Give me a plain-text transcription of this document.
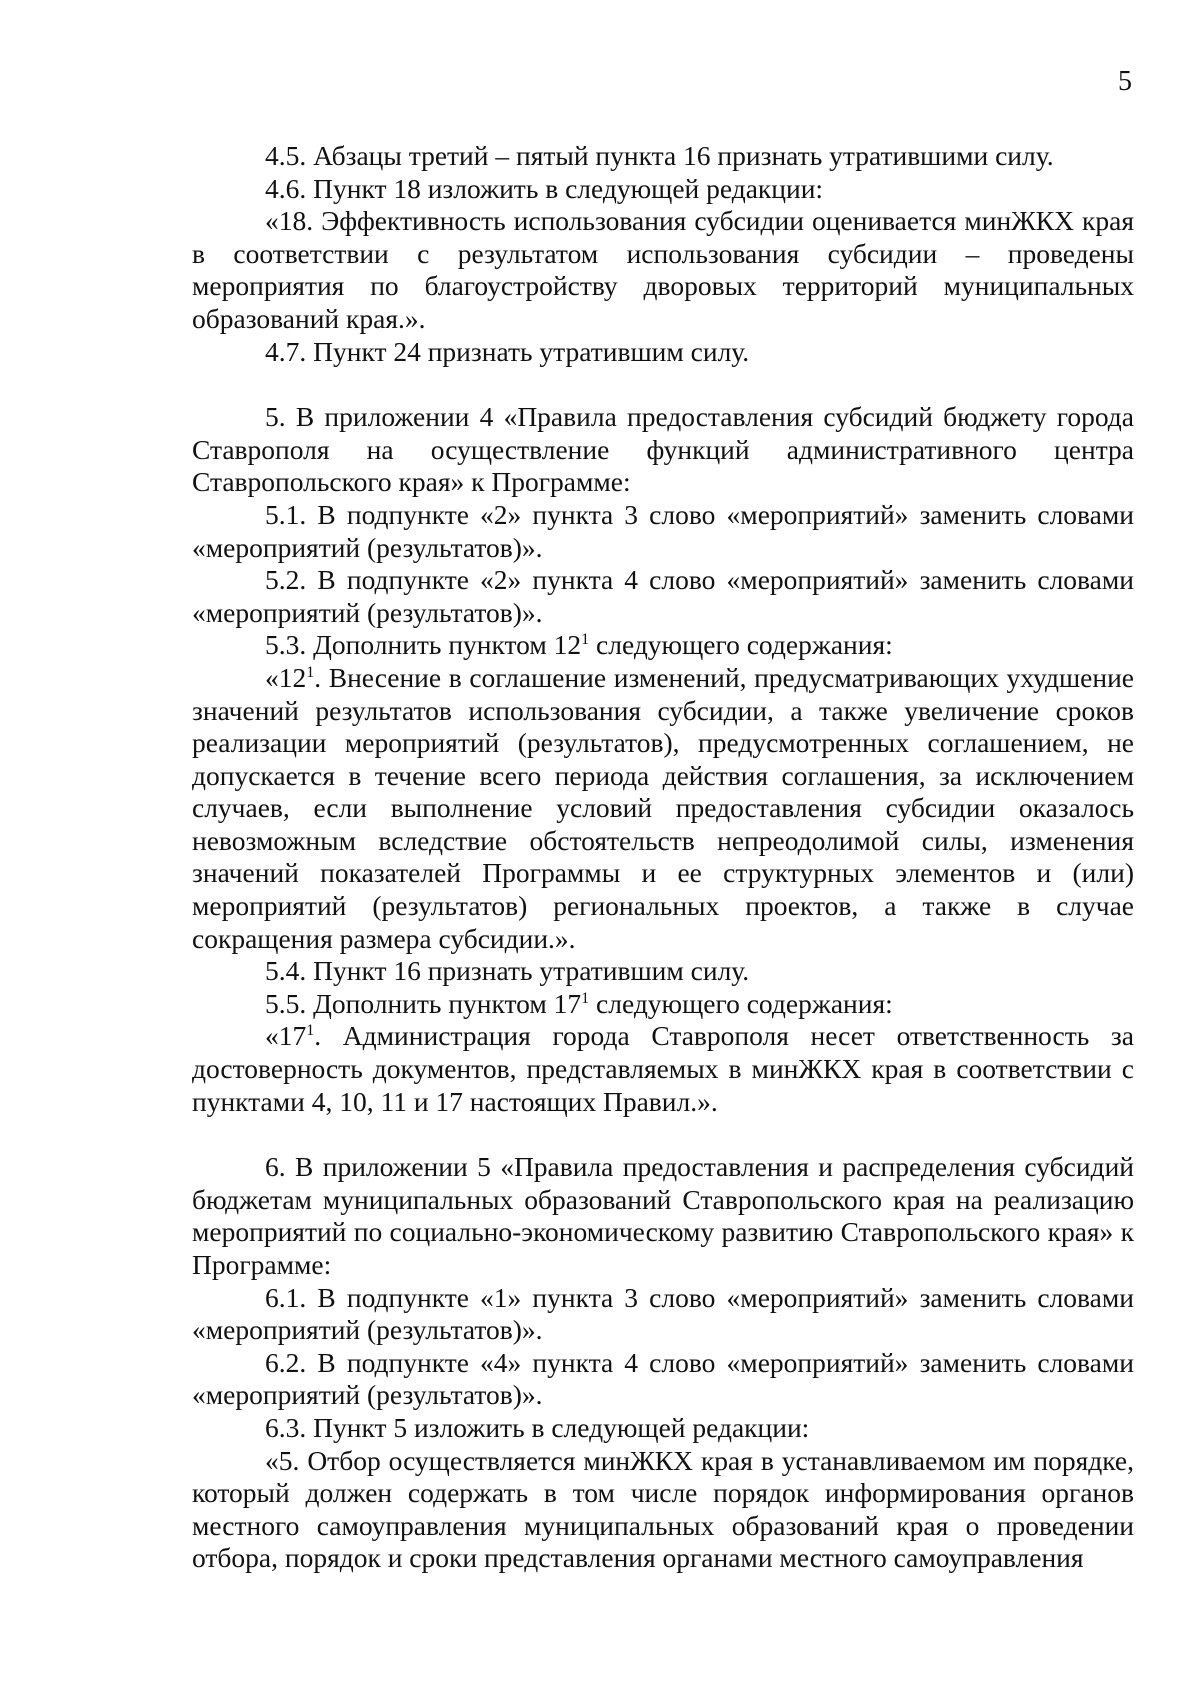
5

4.5. Абзацы третий – пятый пункта 16 признать утратившими силу.

4.6. Пункт 18 изложить в следующей редакции:

«18. Эффективность использования субсидии оценивается минЖКХ края в соответствии с результатом использования субсидии – проведены мероприятия по благоустройству дворовых территорий муниципальных образований края.».

4.7. Пункт 24 признать утратившим силу.

5. В приложении 4 «Правила предоставления субсидий бюджету города Ставрополя на осуществление функций административного центра Ставропольского края» к Программе:

5.1. В подпункте «2» пункта 3 слово «мероприятий» заменить словами «мероприятий (результатов)».

5.2. В подпункте «2» пункта 4 слово «мероприятий» заменить словами «мероприятий (результатов)».

5.3. Дополнить пунктом $12^1$ следующего содержания:

«$12^1$. Внесение в соглашение изменений, предусматривающих ухудшение значений результатов использования субсидии, а также увеличение сроков реализации мероприятий (результатов), предусмотренных соглашением, не допускается в течение всего периода действия соглашения, за исключением случаев, если выполнение условий предоставления субсидии оказалось невозможным вследствие обстоятельств непреодолимой силы, изменения значений показателей Программы и ее структурных элементов и (или) мероприятий (результатов) региональных проектов, а также в случае сокращения размера субсидии.».

5.4. Пункт 16 признать утратившим силу.

5.5. Дополнить пунктом $17^1$ следующего содержания:

«$17^1$. Администрация города Ставрополя несет ответственность за достоверность документов, представляемых в минЖКХ края в соответствии с пунктами 4, 10, 11 и 17 настоящих Правил.».

6. В приложении 5 «Правила предоставления и распределения субсидий бюджетам муниципальных образований Ставропольского края на реализацию мероприятий по социально-экономическому развитию Ставропольского края» к Программе:

6.1. В подпункте «1» пункта 3 слово «мероприятий» заменить словами «мероприятий (результатов)».

6.2. В подпункте «4» пункта 4 слово «мероприятий» заменить словами «мероприятий (результатов)».

6.3. Пункт 5 изложить в следующей редакции:

«5. Отбор осуществляется минЖКХ края в устанавливаемом им порядке, который должен содержать в том числе порядок информирования органов местного самоуправления муниципальных образований края о проведении отбора, порядок и сроки представления органами местного самоуправления
